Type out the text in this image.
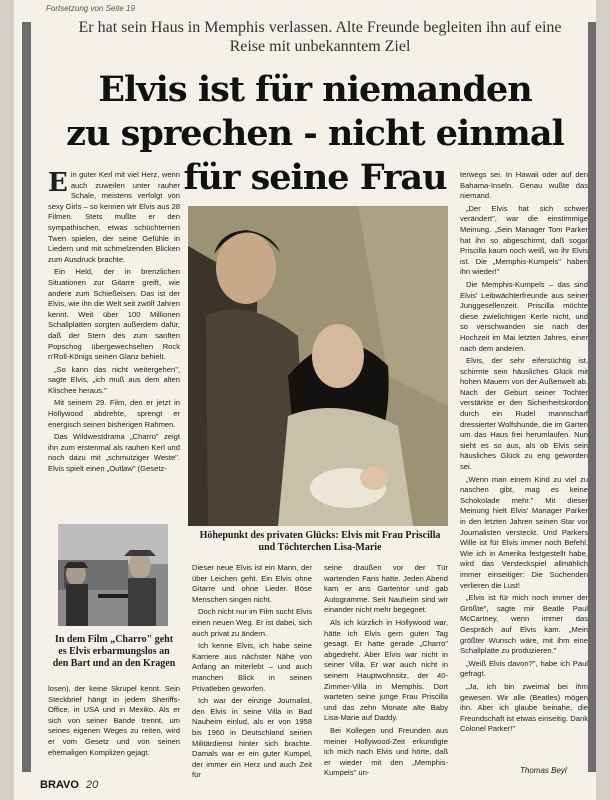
Fortsetzung von Seite 19
Er hat sein Haus in Memphis verlassen. Alte Freunde begleiten ihn auf eine Reise mit unbekanntem Ziel
Elvis ist für niemanden
zu sprechen - nicht einmal
für seine Frau

Ein guter Kerl mit viel Herz, wenn auch zuweilen unter rauher Schale, meistens verfolgt von sexy Girls – so kennen wir Elvis aus 28 Filmen. Stets mußte er den sympathischen, etwas schüchternen Twen spielen, der seine Gefühle in Liedern und mit schmelzenden Blicken zum Ausdruck brachte.

Ein Held, der in brenzlichen Situationen zur Gitarre greift, wie andere zum Schießeisen. Das ist der Elvis, wie ihn die Welt seit zwölf Jahren kennt. Weit über 100 Millionen Schallplatten sorgten außerdem dafür, daß der Stern des zum sanften Popschog übergewechselten Rock n'Roll-Königs seinen Glanz behielt.

„So kann das nicht weitergehen", sagte Elvis, „ich muß aus dem alten Klischee heraus."

Mit seinem 29. Film, den er jetzt in Hollywood abdrehte, sprengt er energisch seinen bisherigen Rahmen.

Das Wildwestdrama „Charro" zeigt ihn zum erstenmal als rauhen Kerl und noch dazu mit „schmutziger Weste". Elvis spielt einen „Outlaw" (Gesetz-

Höhepunkt des privaten Glücks: Elvis mit Frau Priscilla und Töchterchen Lisa-Marie
In dem Film „Charro" geht es Elvis erbarmungslos an den Bart und an den Kragen

losen), der keine Skrupel kennt. Sein Steckbrief hängt in jedem Sheriffs-Office, in USA und in Mexiko. Als er sich von seiner Bande trennt, um seines eigenen Weges zu reiten, wird er vom Gesetz und von seinen ehemaligen Komplizen gejagt.

Dieser neue Elvis ist ein Mann, der über Leichen geht. Ein Elvis ohne Gitarre und ohne Lieder. Böse Menschen singen nicht.

Doch nicht nur im Film sucht Elvis einen neuen Weg. Er ist dabei, sich auch privat zu ändern.

Ich kenne Elvis, ich habe seine Karriere aus nächster Nähe von Anfang an miterlebt – und auch manchen Blick in seinen Privatleben geworfen.

Ich war der einzige Journalist, den Elvis in seine Villa in Bad Nauheim einlud, als er von 1958 bis 1960 in Deutschland seinen Militärdienst hinter sich brachte. Damals war er ein guter Kumpel, der immer ein Herz und auch Zeit für

seine draußen vor der Tür wartenden Fans hatte. Jeden Abend kam er ans Gartentor und gab Autogramme. Seit Nauheim sind wir einander nicht mehr begegnet.

Als ich kürzlich in Hollywood war, hätte ich Elvis gern guten Tag gesagt. Er hatte gerade „Charro" abgedreht. Aber Elvis war nicht in seiner Villa. Er war auch nicht in seinem Hauptwohnsitz, der 40-Zimmer-Villa in Memphis. Dort warteten seine junge Frau Priscilla und das zehn Monate alte Baby Lisa-Marie auf Daddy.

Bei Kollegen und Freunden aus meiner Hollywood-Zeit erkundigte ich mich nach Elvis und hörte, daß er wieder mit den „Memphis-Kumpels" un-

terwegs sei. In Hawaii oder auf den Bahama-Inseln. Genau wußte das niemand.

„Der Elvis hat sich schwer verändert", war die einstimmige Meinung. „Sein Manager Tom Parker hat ihn so abgeschirmt, daß sogar Priscilla kaum noch weiß, wo ihr Elvis ist. Die „Memphis-Kumpels" haben ihn wieder!"

Die Memphis-Kumpels – das sind Elvis' Leibwächterfreunde aus seiner Junggesellenzeit. Priscilla möchte diese zwielichtigen Kerle nicht, und so verschwanden sie nach der Hochzeit im Mai letzten Jahres, einer nach dem anderen.

Elvis, der sehr eifersüchtig ist, schirmte sein häusliches Glück mit hohen Mauern von der Außenwelt ab. Nach der Geburt seiner Tochter verstärkte er den Sicherheitskordon durch ein Rudel mannscharf dressierter Wolfshunde, die im Garten um das Haus frei herumlaufen. Nun sieht es so aus, als ob Elvis sein häusliches Glück zu eng geworden sei.

„Wenn man einem Kind zu viel zu naschen gibt, mag es keine Schokolade mehr." Mit dieser Meinung hielt Elvis' Manager Parker in den letzten Jahren seinen Star vor Journalisten versteckt. Und Parkers Wille ist für Elvis immer noch Befehl. Wie ich in Amerika festgestellt habe, wird das Versteckspiel allmählich immer einseitiger: Die Suchenden verlieren die Lust!

„Elvis ist für mich noch immer der Größte", sagte mir Beatle Paul McCartney, wenn immer das Gespräch auf Elvis kam. „Mein größter Wunsch wäre, mit ihm eine Schallplatte zu produzieren."

„Weiß Elvis davon?", habe ich Paul gefragt.

„Ja, ich bin zweimal bei ihm gewesen. Wir alle (Beatles) mögen ihn. Aber ich glaube beinahe, die Freundschaft ist etwas einseitig. Dank Colonel Parker!"

Thomas Beyl
BRAVO 20
